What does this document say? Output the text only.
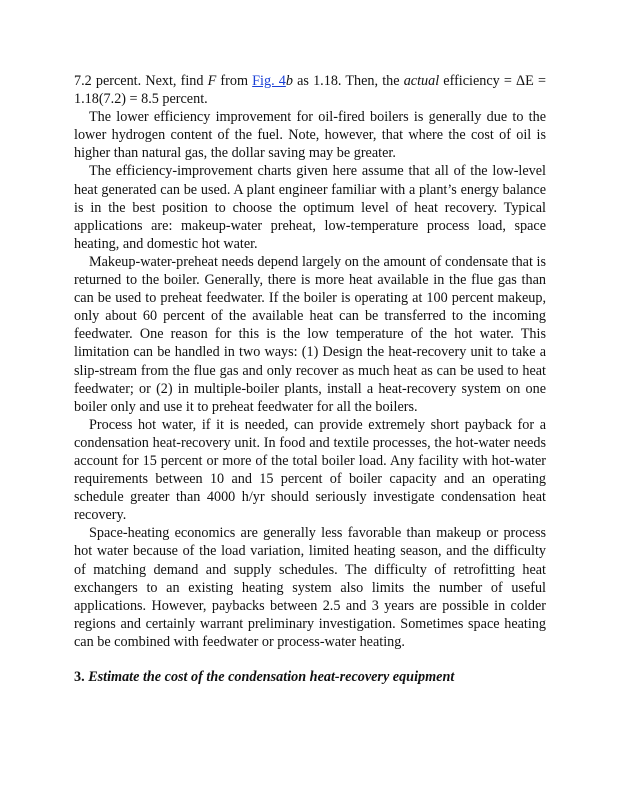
7.2 percent. Next, find F from Fig. 4b as 1.18. Then, the actual efficiency = ΔE = 1.18(7.2) = 8.5 percent.

The lower efficiency improvement for oil-fired boilers is generally due to the lower hydrogen content of the fuel. Note, however, that where the cost of oil is higher than natural gas, the dollar saving may be greater.

The efficiency-improvement charts given here assume that all of the low-level heat generated can be used. A plant engineer familiar with a plant’s energy balance is in the best position to choose the optimum level of heat recovery. Typical applications are: makeup-water preheat, low-temperature process load, space heating, and domestic hot water.

Makeup-water-preheat needs depend largely on the amount of condensate that is returned to the boiler. Generally, there is more heat available in the flue gas than can be used to preheat feedwater. If the boiler is operating at 100 percent makeup, only about 60 percent of the available heat can be transferred to the incoming feedwater. One reason for this is the low temperature of the hot water. This limitation can be handled in two ways: (1) Design the heat-recovery unit to take a slip-stream from the flue gas and only recover as much heat as can be used to heat feedwater; or (2) in multiple-boiler plants, install a heat-recovery system on one boiler only and use it to preheat feedwater for all the boilers.

Process hot water, if it is needed, can provide extremely short payback for a condensation heat-recovery unit. In food and textile processes, the hot-water needs account for 15 percent or more of the total boiler load. Any facility with hot-water requirements between 10 and 15 percent of boiler capacity and an operating schedule greater than 4000 h/yr should seriously investigate condensation heat recovery.

Space-heating economics are generally less favorable than makeup or process hot water because of the load variation, limited heating season, and the difficulty of matching demand and supply schedules. The difficulty of retrofitting heat exchangers to an existing heating system also limits the number of useful applications. However, paybacks between 2.5 and 3 years are possible in colder regions and certainly warrant preliminary investigation. Sometimes space heating can be combined with feedwater or process-water heating.

3. Estimate the cost of the condensation heat-recovery equipment
